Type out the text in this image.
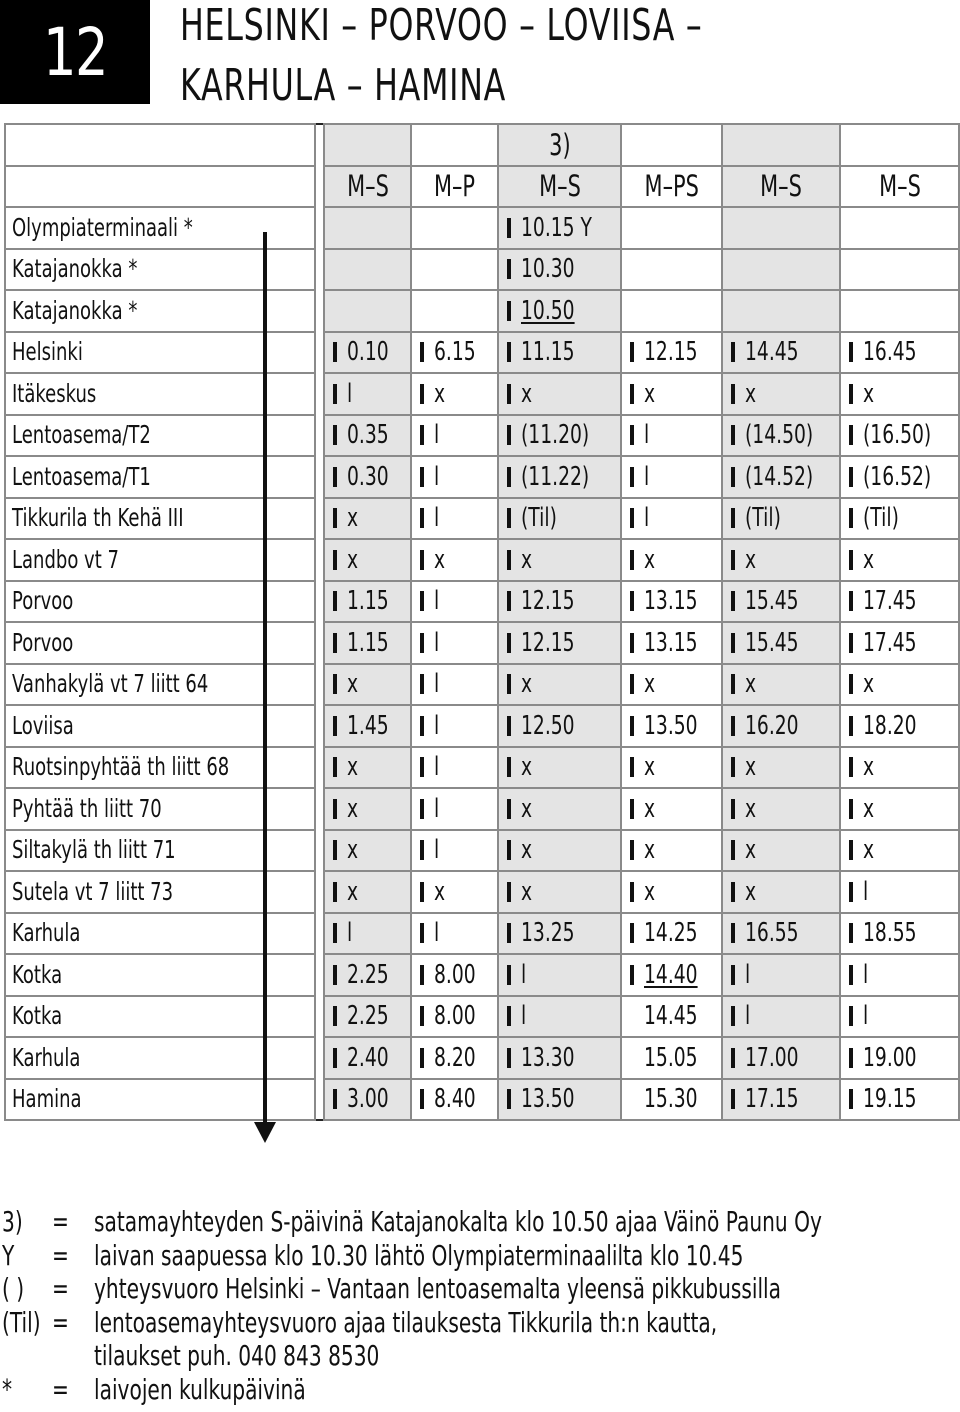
12 HELSINKI – PORVOO – LOVIISA –
KARHULA – HAMINA
				3)			
		M–S	M–P	M–S	M–PS	M–S	M–S
Olympiaterminaali *				10.15 Y			

Katajanokka *				10.30			

Katajanokka *				10.50			

Helsinki		0.10	6.15	11.15	12.15	14.45	16.45

Itäkeskus		l	x	x	x	x	x

Lentoasema/T2		0.35	l	(11.20)	l	(14.50)	(16.50)

Lentoasema/T1		0.30	l	(11.22)	l	(14.52)	(16.52)

Tikkurila th Kehä III		x	l	(Til)	l	(Til)	(Til)

Landbo vt 7		x	x	x	x	x	x

Porvoo		1.15	l	12.15	13.15	15.45	17.45

Porvoo		1.15	l	12.15	13.15	15.45	17.45

Vanhakylä vt 7 liitt 64		x	l	x	x	x	x

Loviisa		1.45	l	12.50	13.50	16.20	18.20

Ruotsinpyhtää th liitt 68		x	l	x	x	x	x

Pyhtää th liitt 70		x	l	x	x	x	x

Siltakylä th liitt 71		x	l	x	x	x	x

Sutela vt 7 liitt 73		x	x	x	x	x	l

Karhula		l	l	13.25	14.25	16.55	18.55

Kotka		2.25	8.00	l	14.40	l	l

Kotka		2.25	8.00	l	14.45	l	l

Karhula		2.40	8.20	13.30	15.05	17.00	19.00

Hamina		3.00	8.40	13.50	15.30	17.15	19.15
3) = satamayhteyden S-päivinä Katajanokalta klo 10.50 ajaa Väinö Paunu Oy
Y = laivan saapuessa klo 10.30 lähtö Olympiaterminaalilta klo 10.45
( ) = yhteysvuoro Helsinki – Vantaan lentoasemalta yleensä pikkubussilla
(Til) = lentoasemayhteysvuoro ajaa tilauksesta Tikkurila th:n kautta,
tilaukset puh. 040 843 8530
* = laivojen kulkupäivinä
